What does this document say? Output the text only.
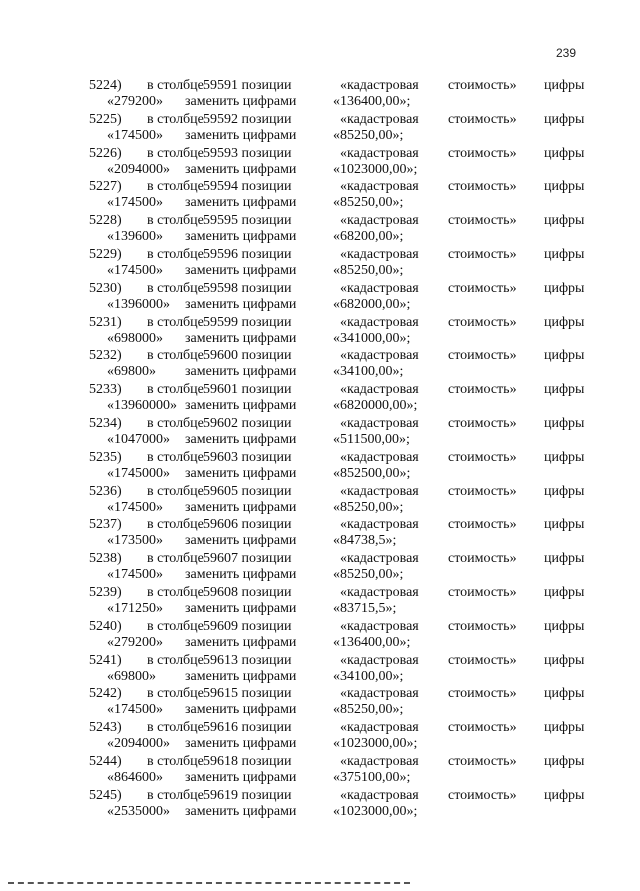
239
5224) в столбце 59591 позиции	«кадастровая стоимость» цифры
«279200» заменить цифрами	«136400,00»;
5225) в столбце 59592 позиции	«кадастровая стоимость» цифры
«174500» заменить цифрами	«85250,00»;
5226) в столбце 59593 позиции	«кадастровая стоимость» цифры
«2094000» заменить цифрами	«1023000,00»;
5227) в столбце 59594 позиции	«кадастровая стоимость» цифры
«174500» заменить цифрами	«85250,00»;
5228) в столбце 59595 позиции	«кадастровая стоимость» цифры
«139600» заменить цифрами	«68200,00»;
5229) в столбце 59596 позиции	«кадастровая стоимость» цифры
«174500» заменить цифрами	«85250,00»;
5230) в столбце 59598 позиции	«кадастровая стоимость» цифры
«1396000» заменить цифрами	«682000,00»;
5231) в столбце 59599 позиции	«кадастровая стоимость» цифры
«698000» заменить цифрами	«341000,00»;
5232) в столбце 59600 позиции	«кадастровая стоимость» цифры
«69800» заменить цифрами	«34100,00»;
5233) в столбце 59601 позиции	«кадастровая стоимость» цифры
«13960000» заменить цифрами	«6820000,00»;
5234) в столбце 59602 позиции	«кадастровая стоимость» цифры
«1047000» заменить цифрами	«511500,00»;
5235) в столбце 59603 позиции	«кадастровая стоимость» цифры
«1745000» заменить цифрами	«852500,00»;
5236) в столбце 59605 позиции	«кадастровая стоимость» цифры
«174500» заменить цифрами	«85250,00»;
5237) в столбце 59606 позиции	«кадастровая стоимость» цифры
«173500» заменить цифрами	«84738,5»;
5238) в столбце 59607 позиции	«кадастровая стоимость» цифры
«174500» заменить цифрами	«85250,00»;
5239) в столбце 59608 позиции	«кадастровая стоимость» цифры
«171250» заменить цифрами	«83715,5»;
5240) в столбце 59609 позиции	«кадастровая стоимость» цифры
«279200» заменить цифрами	«136400,00»;
5241) в столбце 59613 позиции	«кадастровая стоимость» цифры
«69800» заменить цифрами	«34100,00»;
5242) в столбце 59615 позиции	«кадастровая стоимость» цифры
«174500» заменить цифрами	«85250,00»;
5243) в столбце 59616 позиции	«кадастровая стоимость» цифры
«2094000» заменить цифрами	«1023000,00»;
5244) в столбце 59618 позиции	«кадастровая стоимость» цифры
«864600» заменить цифрами	«375100,00»;
5245) в столбце 59619 позиции	«кадастровая стоимость» цифры
«2535000» заменить цифрами	«1023000,00»;
